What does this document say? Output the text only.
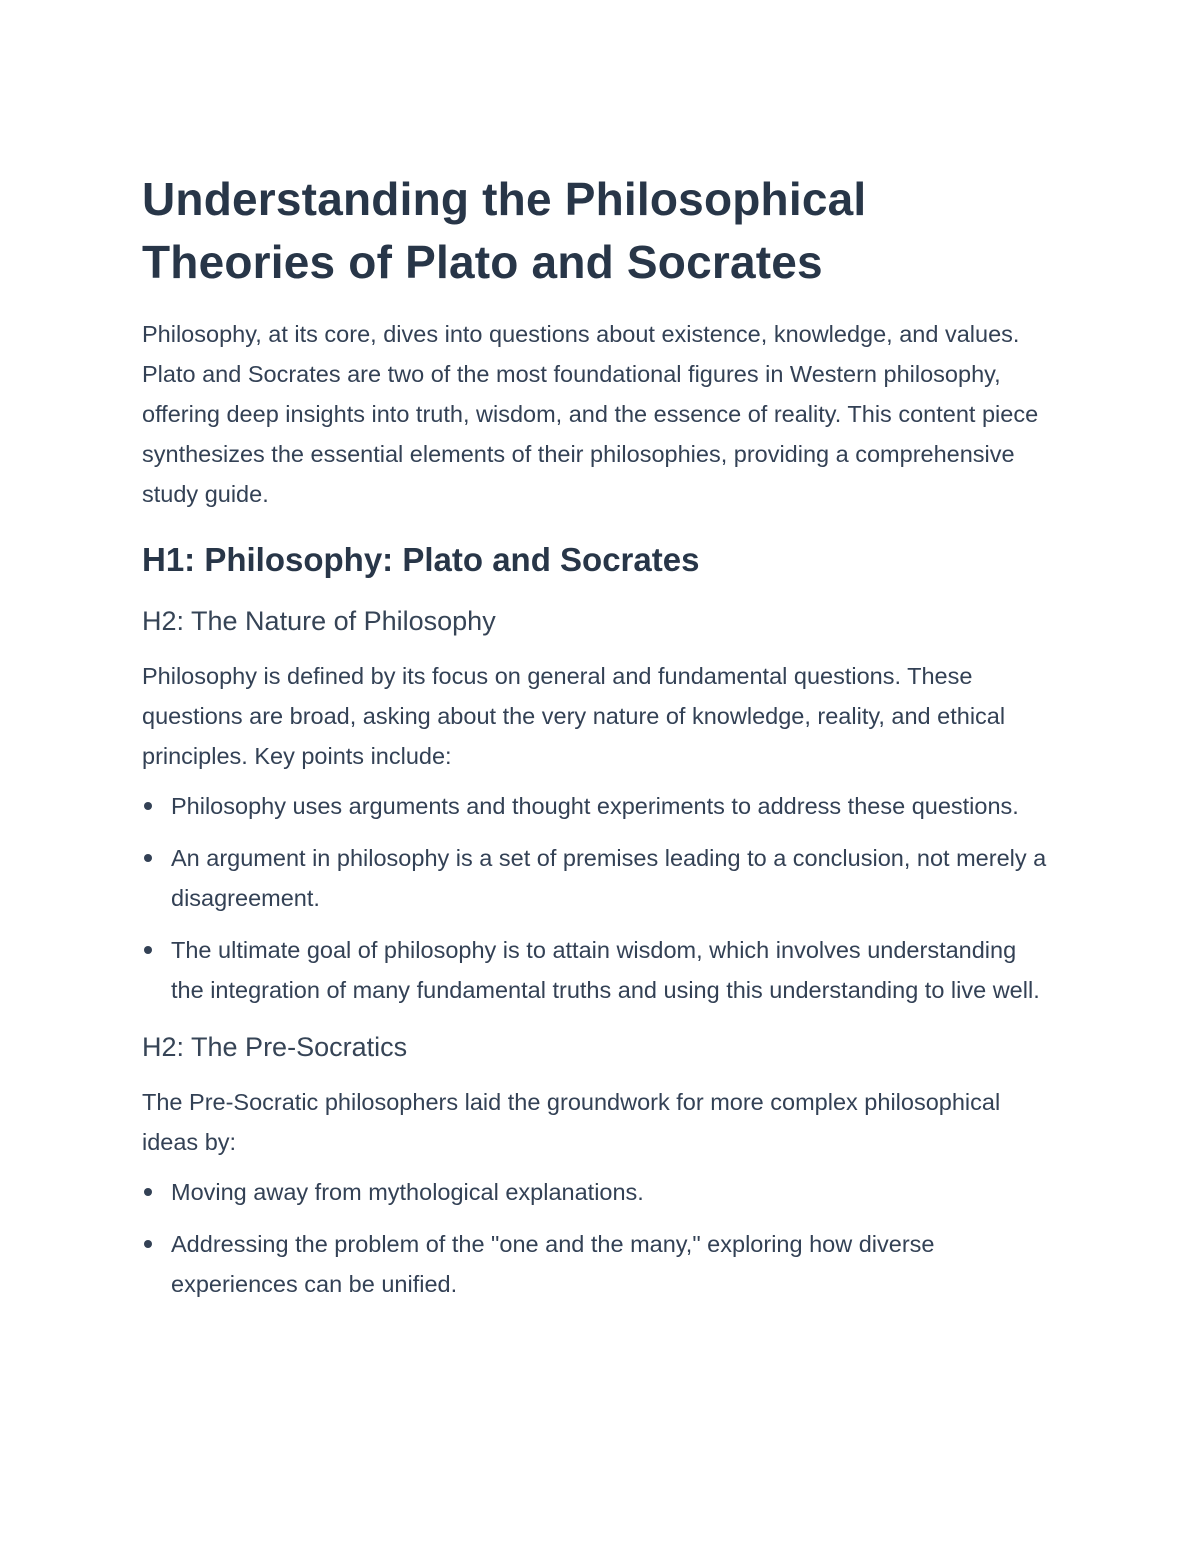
Understanding the Philosophical
Theories of Plato and Socrates

Philosophy, at its core, dives into questions about existence, knowledge, and values. Plato and Socrates are two of the most foundational figures in Western philosophy, offering deep insights into truth, wisdom, and the essence of reality. This content piece synthesizes the essential elements of their philosophies, providing a comprehensive study guide.

H1: Philosophy: Plato and Socrates
H2: The Nature of Philosophy

Philosophy is defined by its focus on general and fundamental questions. These questions are broad, asking about the very nature of knowledge, reality, and ethical principles. Key points include:

Philosophy uses arguments and thought experiments to address these questions.
An argument in philosophy is a set of premises leading to a conclusion, not merely a disagreement.
The ultimate goal of philosophy is to attain wisdom, which involves understanding the integration of many fundamental truths and using this understanding to live well.
H2: The Pre-Socratics

The Pre-Socratic philosophers laid the groundwork for more complex philosophical ideas by:

Moving away from mythological explanations.
Addressing the problem of the "one and the many," exploring how diverse experiences can be unified.
